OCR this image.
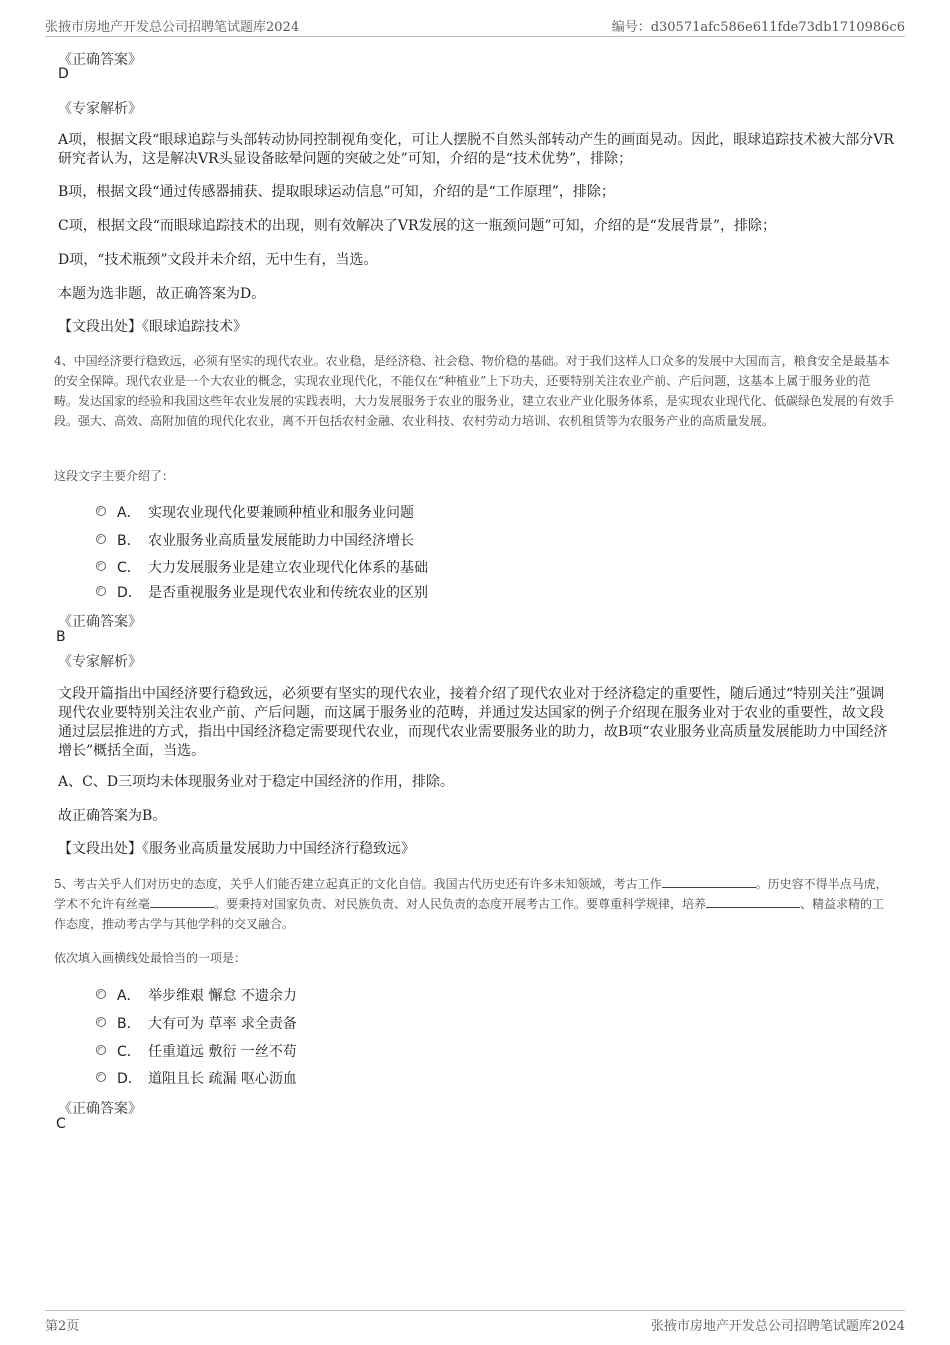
张掖市房地产开发总公司招聘笔试题库2024	编号：d30571afc586e611fde73db1710986c6
《正确答案》
D
《专家解析》
A项，根据文段“眼球追踪与头部转动协同控制视角变化，可让人摆脱不自然头部转动产生的画面晃动。因此，眼球追踪技术被大部分VR研究者认为，这是解决VR头显设备眩晕问题的突破之处”可知，介绍的是“技术优势”，排除；
B项，根据文段“通过传感器捕获、提取眼球运动信息”可知，介绍的是“工作原理”，排除；
C项，根据文段“而眼球追踪技术的出现，则有效解决了VR发展的这一瓶颈问题”可知，介绍的是“发展背景”，排除；
D项，“技术瓶颈”文段并未介绍，无中生有，当选。
本题为选非题，故正确答案为D。
【文段出处】《眼球追踪技术》
4、中国经济要行稳致远，必须有坚实的现代农业。农业稳，是经济稳、社会稳、物价稳的基础。对于我们这样人口众多的发展中大国而言，粮食安全是最基本的安全保障。现代农业是一个大农业的概念，实现农业现代化，不能仅在“种植业”上下功夫，还要特别关注农业产前、产后问题，这基本上属于服务业的范畴。发达国家的经验和我国这些年农业发展的实践表明，大力发展服务于农业的服务业，建立农业产业化服务体系，是实现农业现代化、低碳绿色发展的有效手段。强大、高效、高附加值的现代化农业，离不开包括农村金融、农业科技、农村劳动力培训、农机租赁等为农服务产业的高质量发展。
这段文字主要介绍了：
A． 实现农业现代化要兼顾种植业和服务业问题
B． 农业服务业高质量发展能助力中国经济增长
C． 大力发展服务业是建立农业现代化体系的基础
D． 是否重视服务业是现代农业和传统农业的区别
《正确答案》
B
《专家解析》
文段开篇指出中国经济要行稳致远，必须要有坚实的现代农业，接着介绍了现代农业对于经济稳定的重要性，随后通过“特别关注”强调现代农业要特别关注农业产前、产后问题，而这属于服务业的范畴，并通过发达国家的例子介绍现在服务业对于农业的重要性，故文段通过层层推进的方式，指出中国经济稳定需要现代农业，而现代农业需要服务业的助力，故B项“农业服务业高质量发展能助力中国经济增长”概括全面，当选。
A、C、D三项均未体现服务业对于稳定中国经济的作用，排除。
故正确答案为B。
【文段出处】《服务业高质量发展助力中国经济行稳致远》
5、考古关乎人们对历史的态度，关乎人们能否建立起真正的文化自信。我国古代历史还有许多未知领域，考古工作	。历史容不得半点马虎，学术不允许有丝毫	。要秉持对国家负责、对民族负责、对人民负责的态度开展考古工作。要尊重科学规律，培养	、精益求精的工作态度，推动考古学与其他学科的交叉融合。
依次填入画横线处最恰当的一项是：
A． 举步维艰 懈怠 不遗余力
B． 大有可为 草率 求全责备
C． 任重道远 敷衍 一丝不苟
D． 道阻且长 疏漏 呕心沥血
《正确答案》
C
第2页	张掖市房地产开发总公司招聘笔试题库2024
